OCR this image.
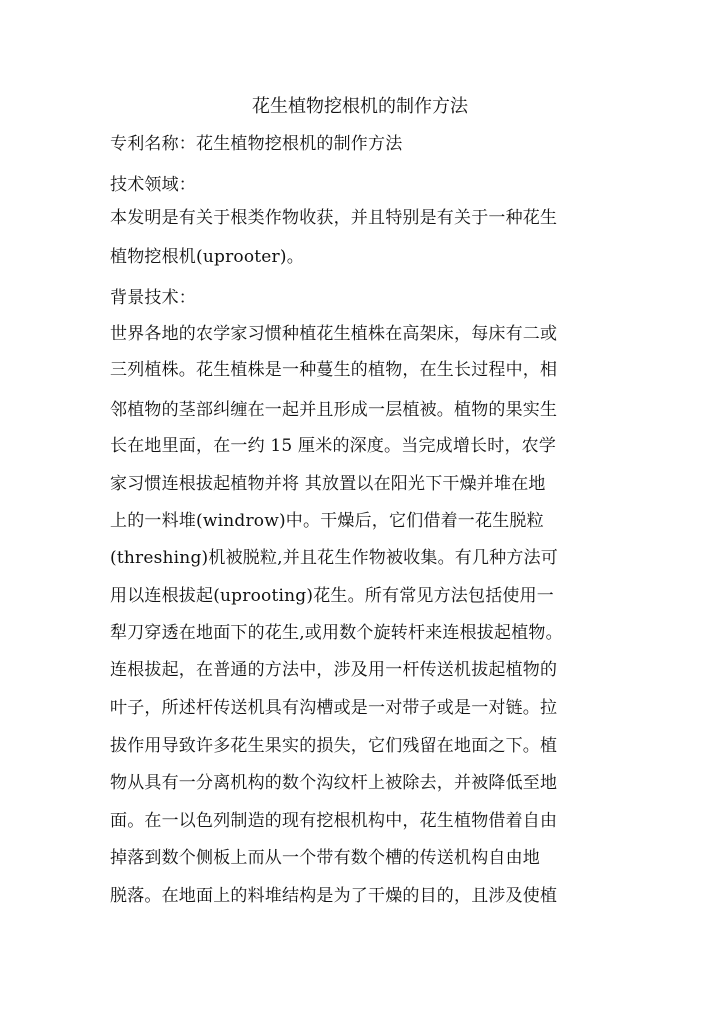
花生植物挖根机的制作方法
专利名称：花生植物挖根机的制作方法
技术领域：
本发明是有关于根类作物收获，并且特别是有关于一种花生
植物挖根机(uprooter)。
背景技术：
世界各地的农学家习惯种植花生植株在高架床，每床有二或
三列植株。花生植株是一种蔓生的植物，在生长过程中，相
邻植物的茎部纠缠在一起并且形成一层植被。植物的果实生
长在地里面，在一约 15 厘米的深度。当完成增长时，农学
家习惯连根拔起植物并将 其放置以在阳光下干燥并堆在地
上的一料堆(windrow)中。干燥后，它们借着一花生脱粒
(threshing)机被脱粒,并且花生作物被收集。有几种方法可
用以连根拔起(uprooting)花生。所有常见方法包括使用一
犁刀穿透在地面下的花生,或用数个旋转杆来连根拔起植物。
连根拔起，在普通的方法中，涉及用一杆传送机拔起植物的
叶子，所述杆传送机具有沟槽或是一对带子或是一对链。拉
拔作用导致许多花生果实的损失，它们残留在地面之下。植
物从具有一分离机构的数个沟纹杆上被除去，并被降低至地
面。在一以色列制造的现有挖根机构中，花生植物借着自由
掉落到数个侧板上而从一个带有数个槽的传送机构自由地
脱落。在地面上的料堆结构是为了干燥的目的，且涉及使植
